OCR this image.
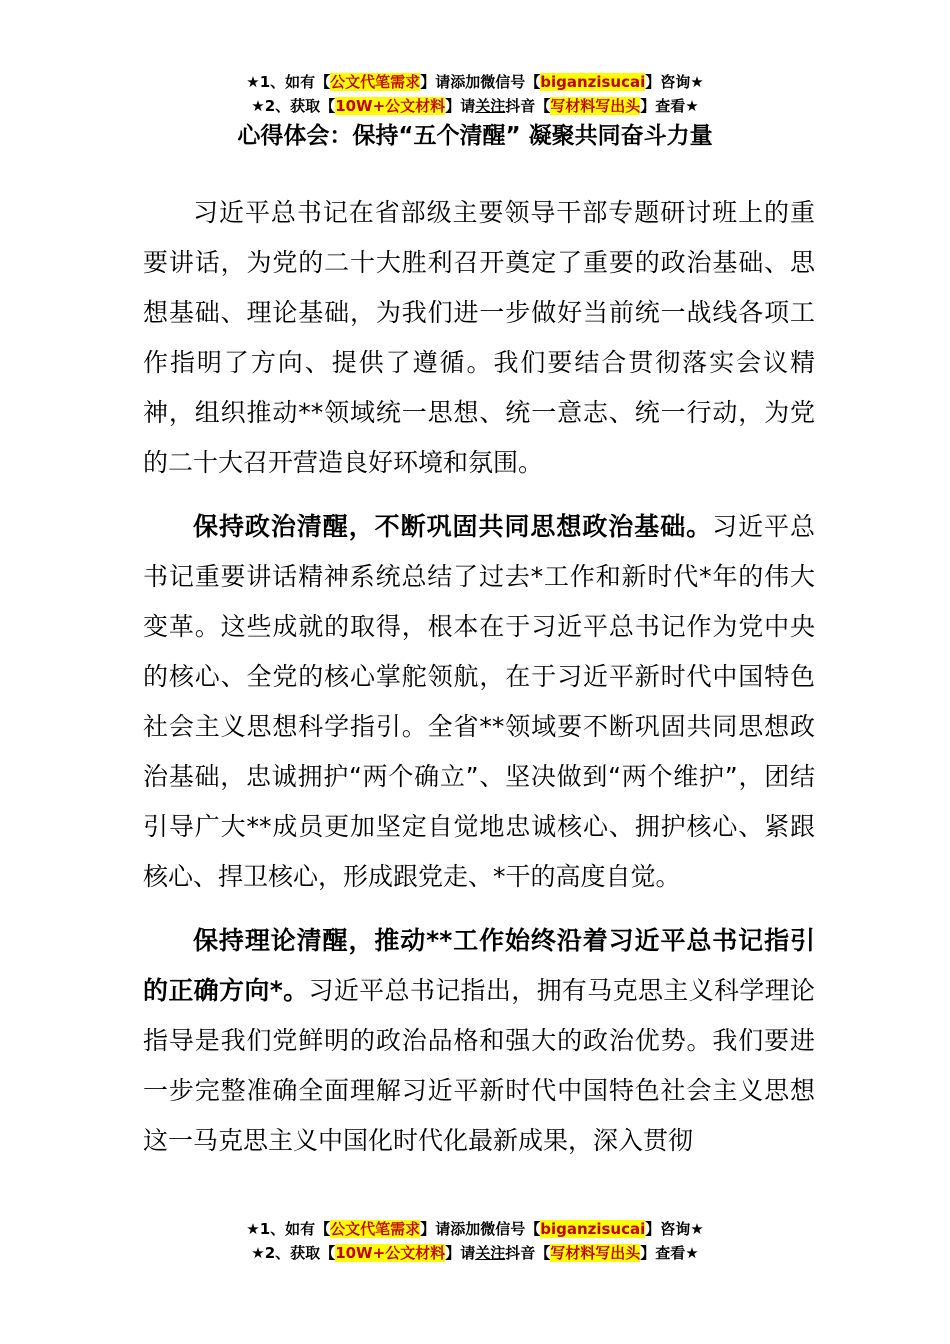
★1、如有【公文代笔需求】请添加微信号【biganzisucai】咨询★
★2、获取【10W+公文材料】请关注抖音【写材料写出头】查看★
心得体会：保持“五个清醒” 凝聚共同奋斗力量

习近平总书记在省部级主要领导干部专题研讨班上的重要讲话，为党的二十大胜利召开奠定了重要的政治基础、思想基础、理论基础，为我们进一步做好当前统一战线各项工作指明了方向、提供了遵循。我们要结合贯彻落实会议精神，组织推动**领域统一思想、统一意志、统一行动，为党的二十大召开营造良好环境和氛围。

保持政治清醒，不断巩固共同思想政治基础。习近平总书记重要讲话精神系统总结了过去*工作和新时代*年的伟大变革。这些成就的取得，根本在于习近平总书记作为党中央的核心、全党的核心掌舵领航，在于习近平新时代中国特色社会主义思想科学指引。全省**领域要不断巩固共同思想政治基础，忠诚拥护“两个确立”、坚决做到“两个维护”，团结引导广大**成员更加坚定自觉地忠诚核心、拥护核心、紧跟核心、捍卫核心，形成跟党走、*干的高度自觉。

保持理论清醒，推动**工作始终沿着习近平总书记指引的正确方向*。习近平总书记指出，拥有马克思主义科学理论指导是我们党鲜明的政治品格和强大的政治优势。我们要进一步完整准确全面理解习近平新时代中国特色社会主义思想这一马克思主义中国化时代化最新成果，深入贯彻

★1、如有【公文代笔需求】请添加微信号【biganzisucai】咨询★
★2、获取【10W+公文材料】请关注抖音【写材料写出头】查看★
